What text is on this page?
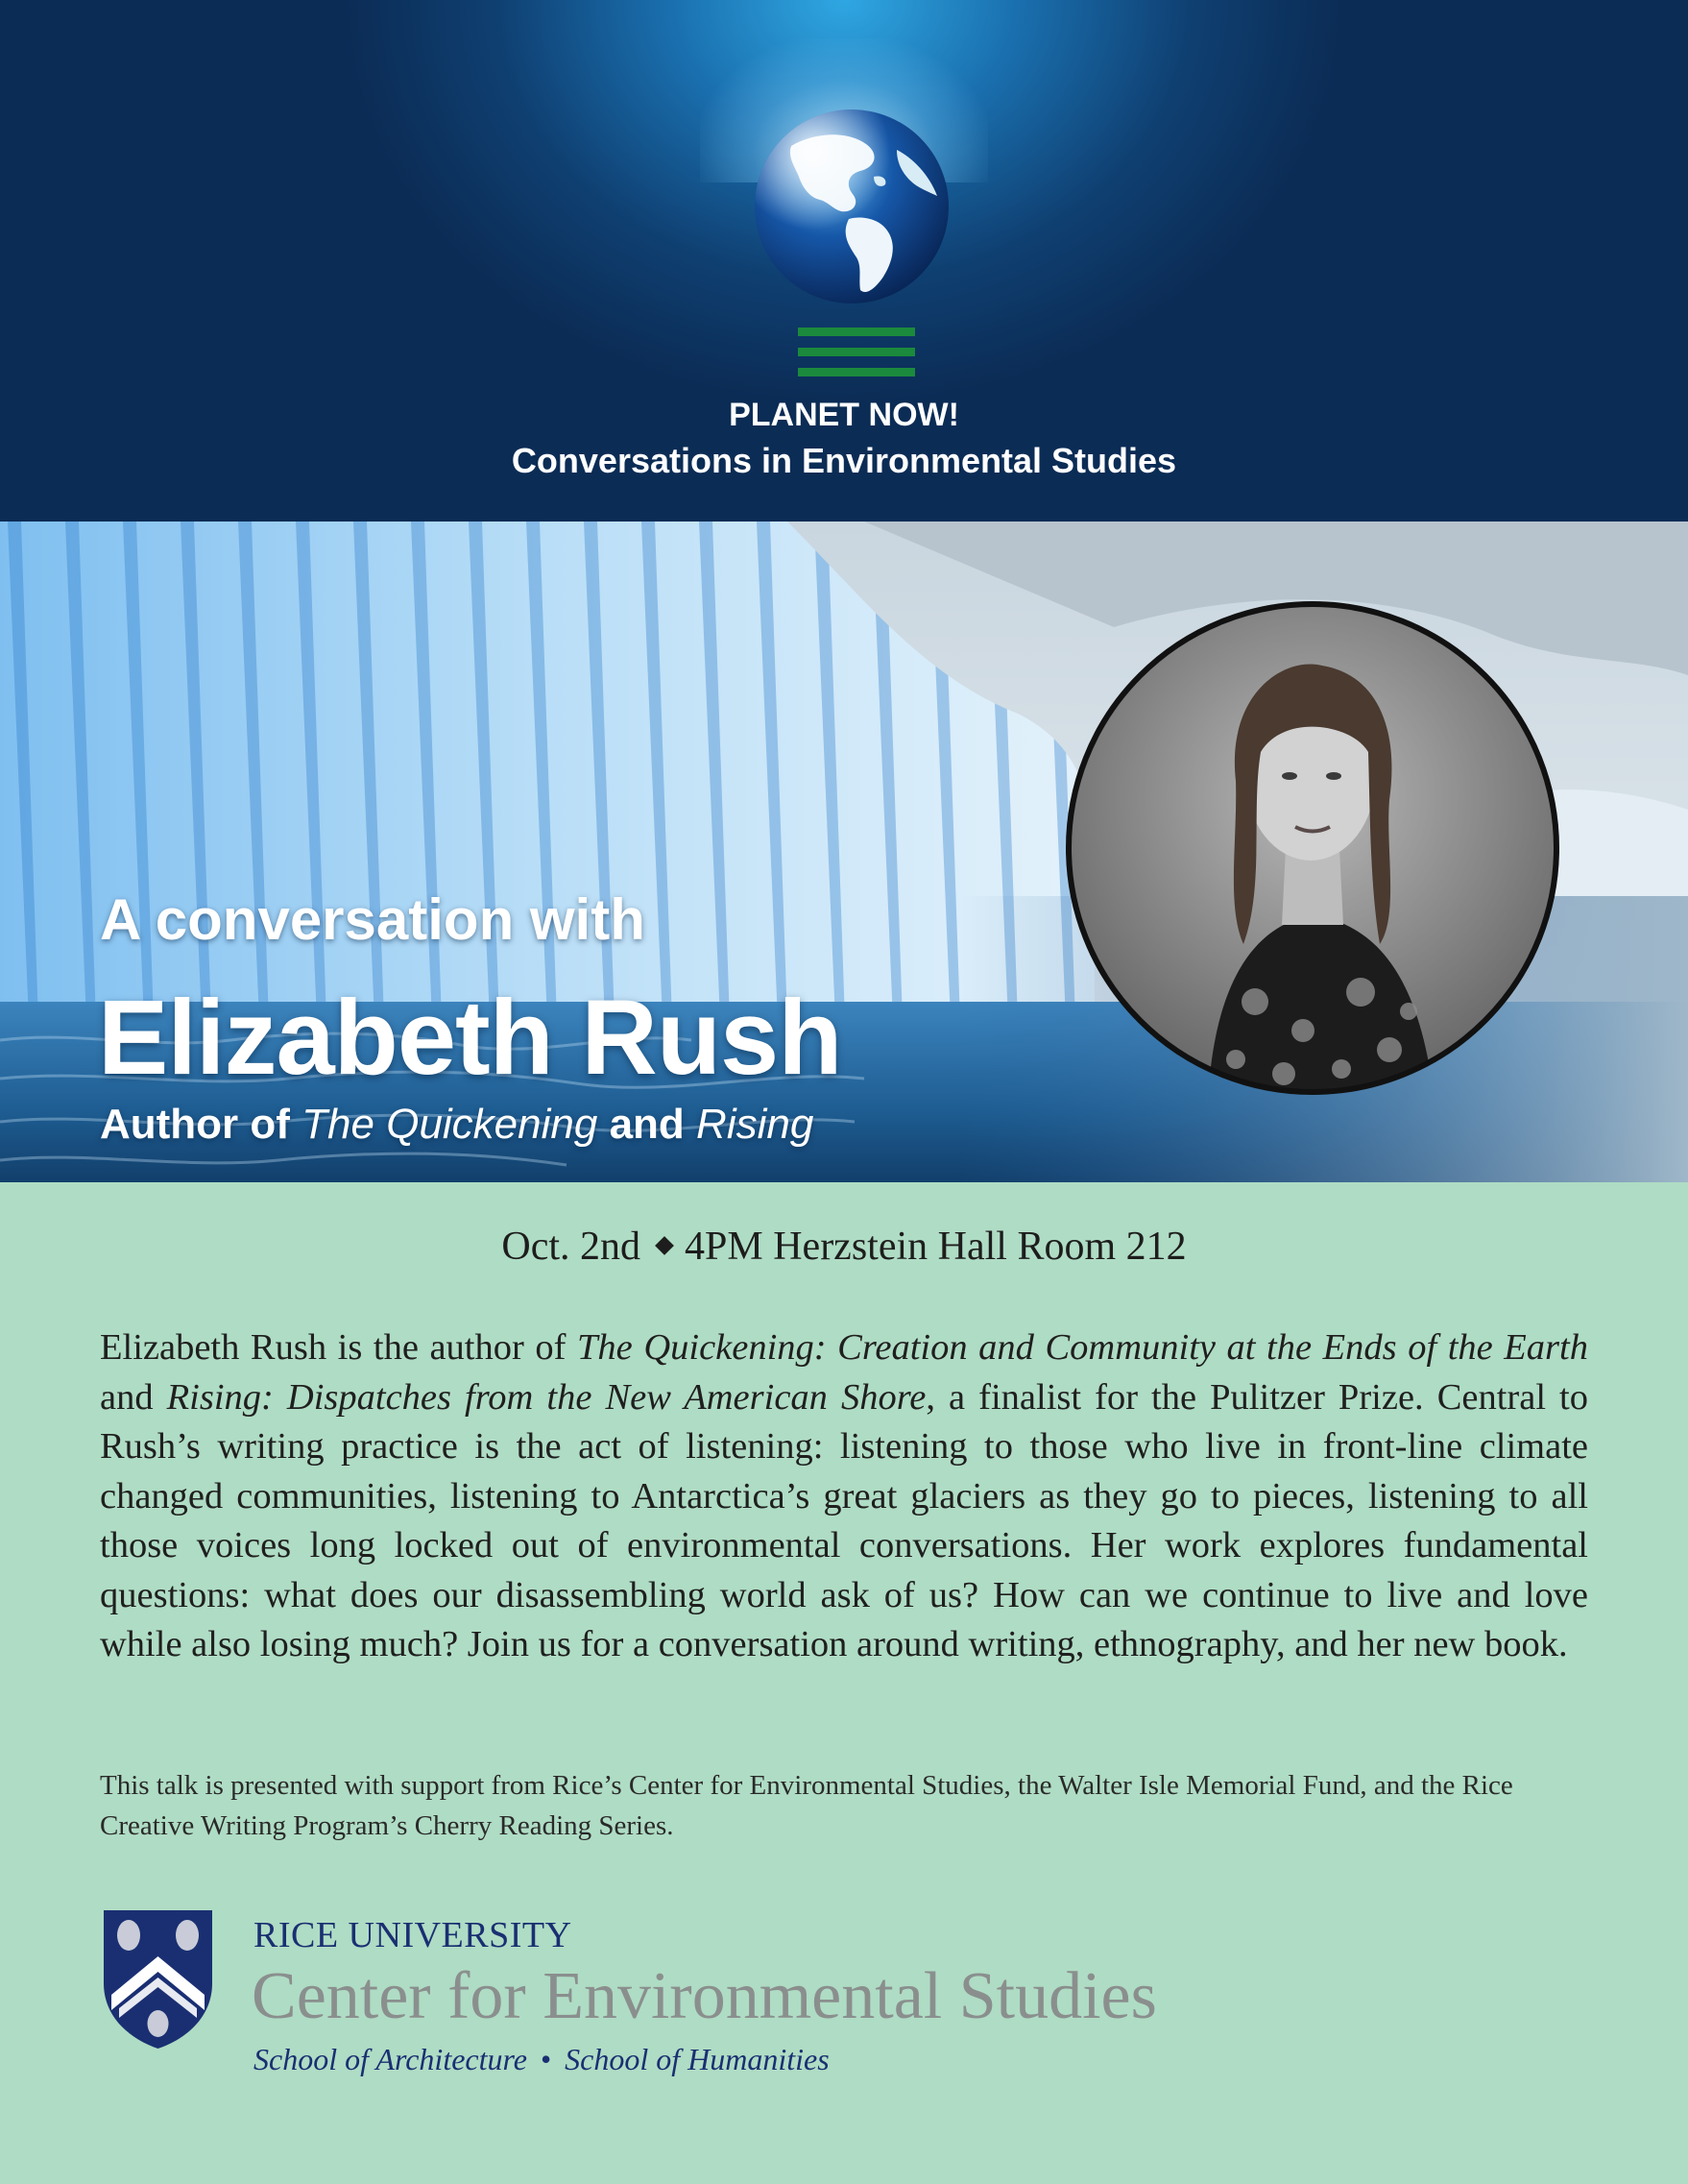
PLANET NOW!
Conversations in Environmental Studies
A conversation with
Elizabeth Rush
Author of The Quickening and Rising
Oct. 2nd 4PM Herzstein Hall Room 212
Elizabeth Rush is the author of The Quickening: Creation and Community at the Ends of the Earth and Rising: Dispatches from the New American Shore, a finalist for the Pulitzer Prize. Central to Rush’s writing practice is the act of listening: listening to those who live in front-line climate changed communities, listening to Antarctica’s great glaciers as they go to pieces, listening to all those voices long locked out of environmental conversations. Her work explores fundamental questions: what does our disassembling world ask of us? How can we continue to live and love while also losing much? Join us for a conversation around writing, ethnography, and her new book.
This talk is presented with support from Rice’s Center for Environmental Studies, the Walter Isle Memorial Fund, and the Rice Creative Writing Program’s Cherry Reading Series.
RICE UNIVERSITY
Center for Environmental Studies
School of Architecture • School of Humanities
